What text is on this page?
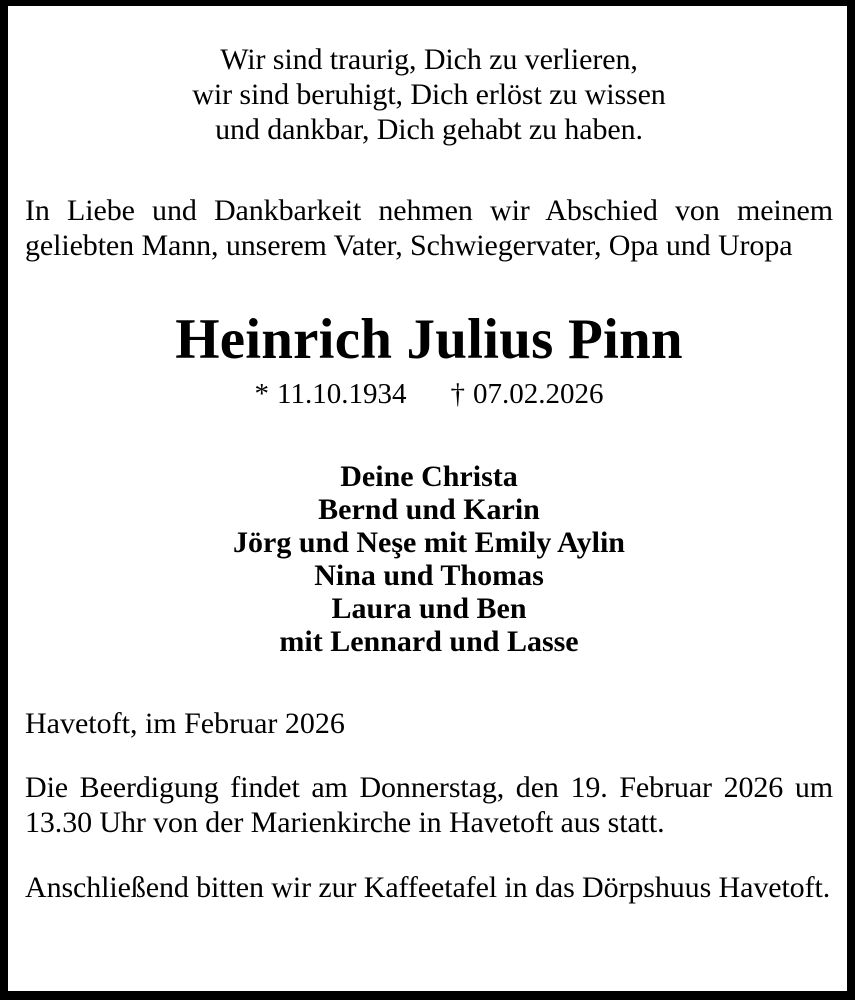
Wir sind traurig, Dich zu verlieren,
wir sind beruhigt, Dich erlöst zu wissen
und dankbar, Dich gehabt zu haben.

In Liebe und Dankbarkeit nehmen wir Abschied von meinem geliebten Mann, unserem Vater, Schwiegervater, Opa und Uropa

Heinrich Julius Pinn
* 11.10.1934 † 07.02.2026
Deine Christa
Bernd und Karin
Jörg und Neşe mit Emily Aylin
Nina und Thomas
Laura und Ben
mit Lennard und Lasse
Havetoft, im Februar 2026

Die Beerdigung findet am Donnerstag, den 19. Februar 2026 um 13.30 Uhr von der Marienkirche in Havetoft aus statt.

Anschließend bitten wir zur Kaffeetafel in das Dörpshuus Havetoft.
